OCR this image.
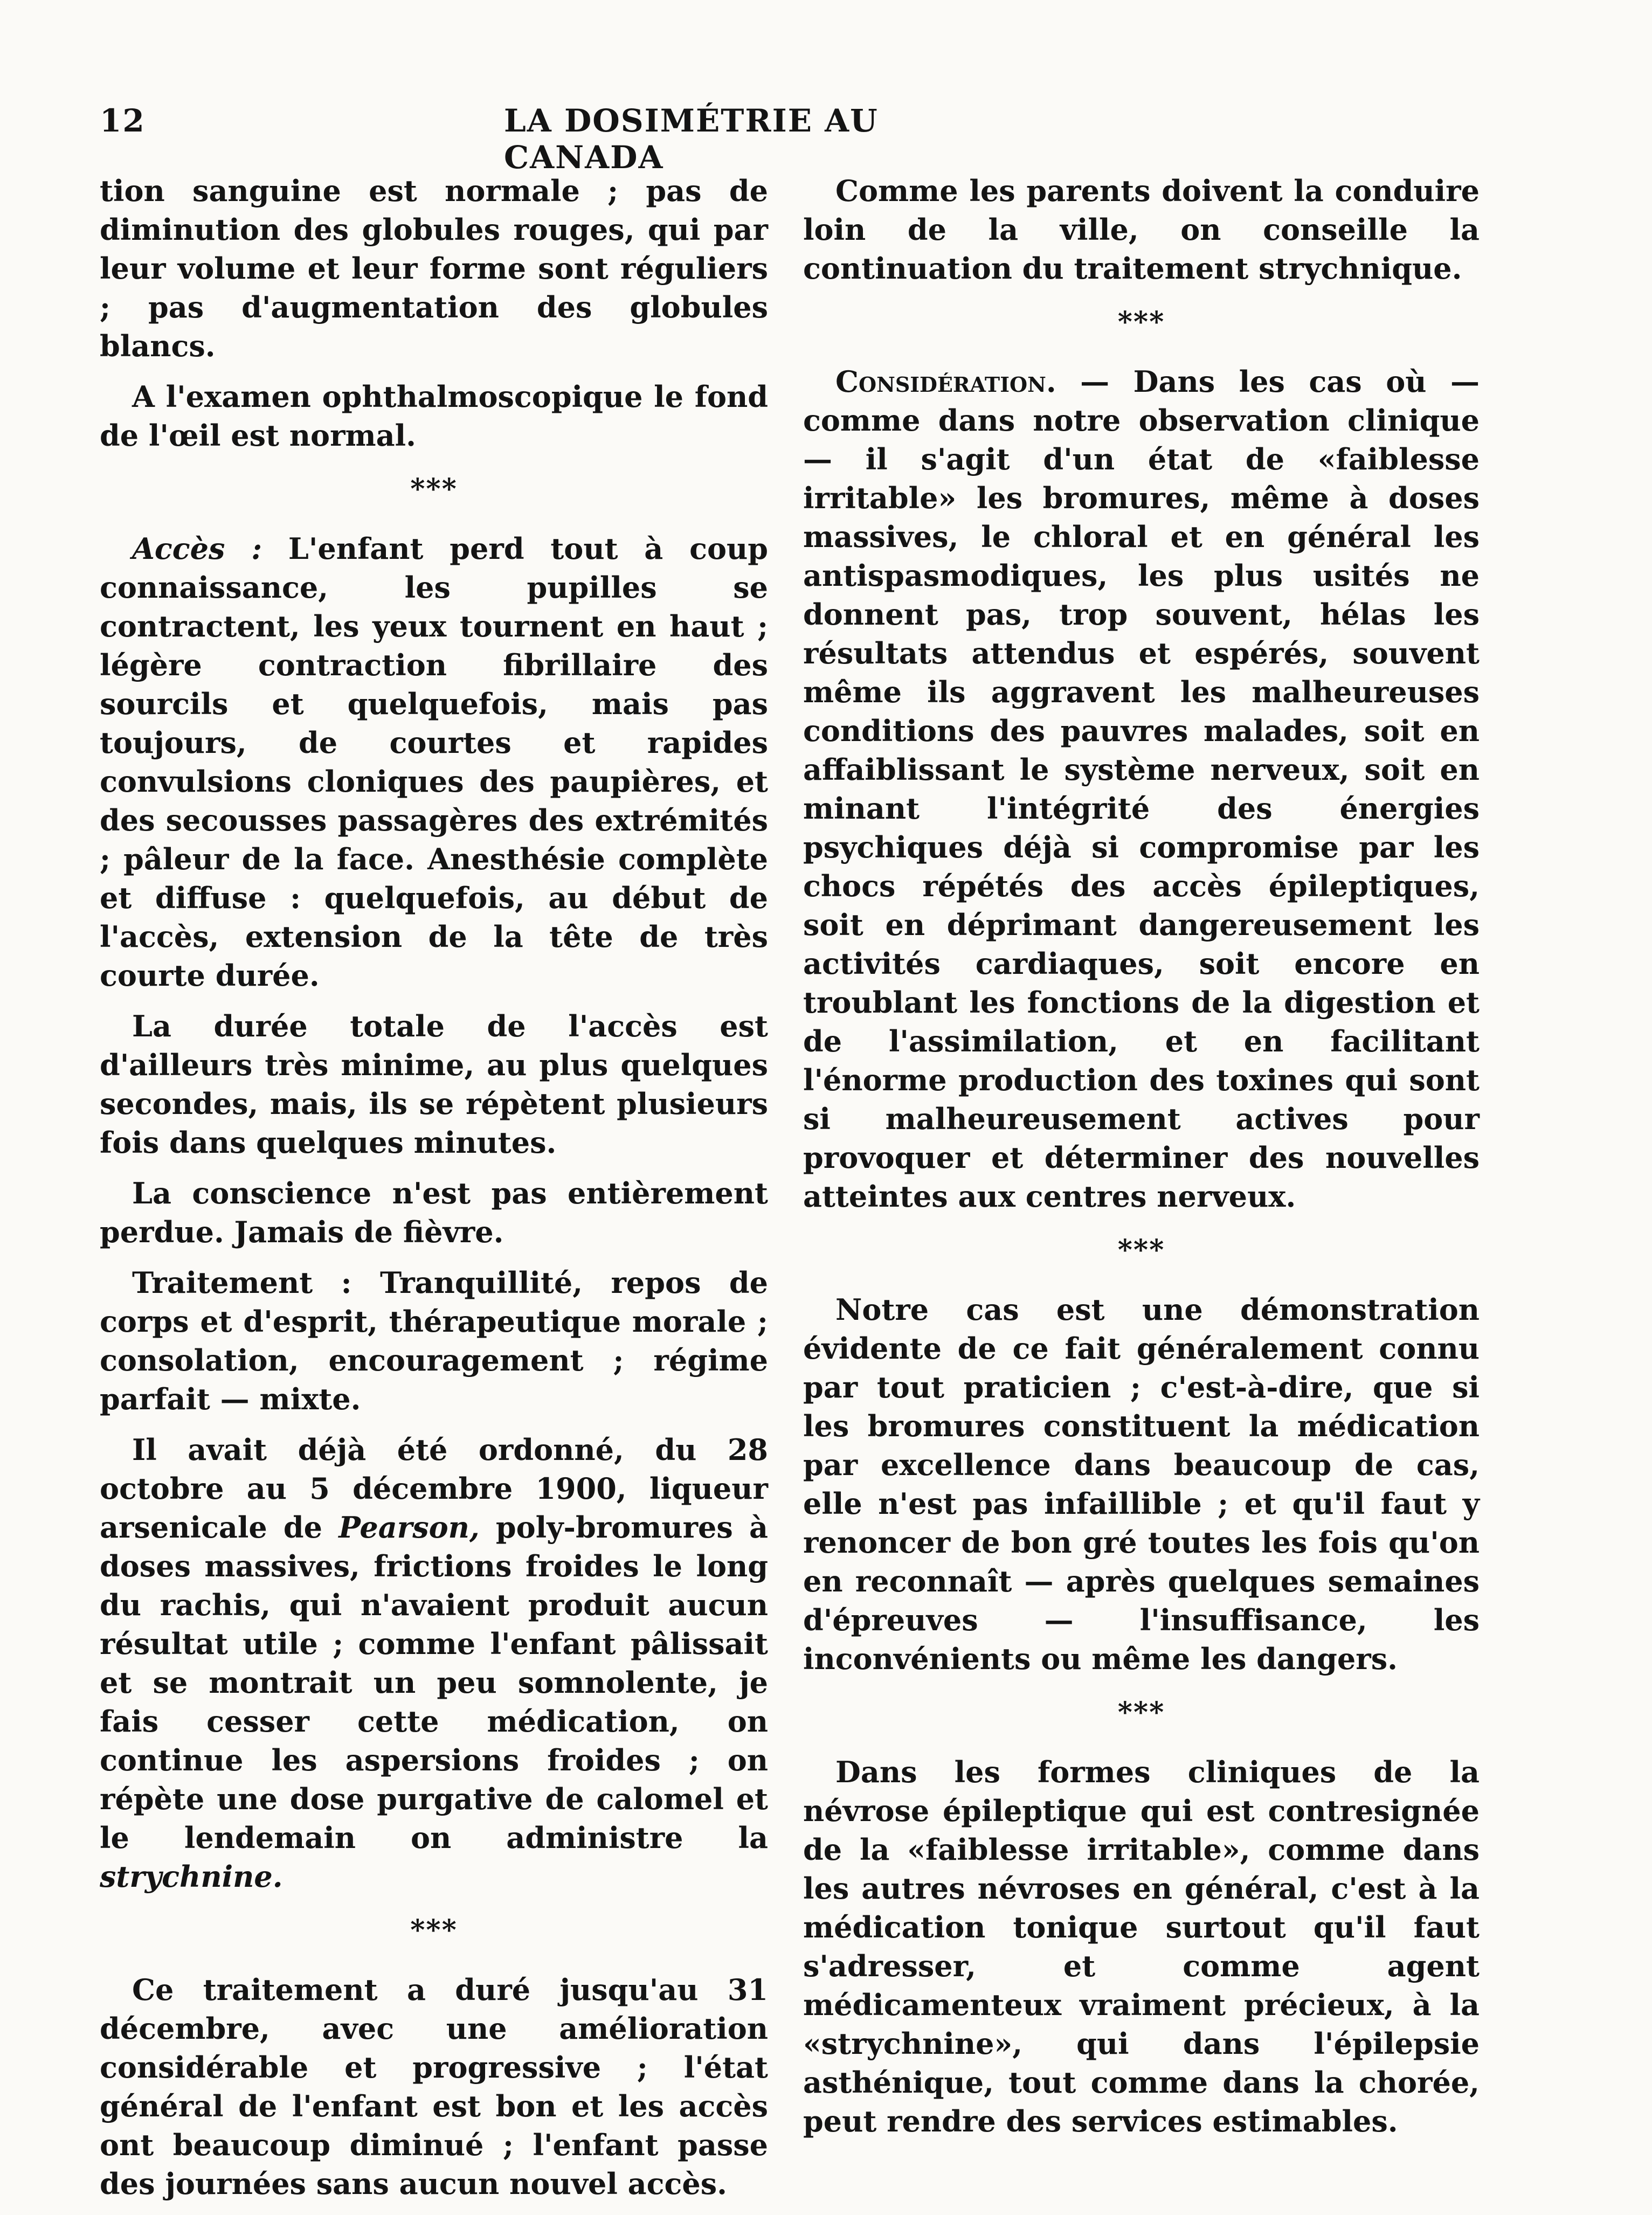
12	LA DOSIMÉTRIE AU CANADA

tion sanguine est normale ; pas de diminution des globules rouges, qui par leur volume et leur forme sont réguliers ; pas d'augmentation des globules blancs.

A l'examen ophthalmoscopique le fond de l'œil est normal.

***

Accès : L'enfant perd tout à coup connaissance, les pupilles se contractent, les yeux tournent en haut ; légère contraction fibrillaire des sourcils et quelquefois, mais pas toujours, de courtes et rapides convulsions cloniques des paupières, et des secousses passagères des extrémités ; pâleur de la face. Anesthésie complète et diffuse : quelquefois, au début de l'accès, extension de la tête de très courte durée.

La durée totale de l'accès est d'ailleurs très minime, au plus quelques secondes, mais, ils se répètent plusieurs fois dans quelques minutes.

La conscience n'est pas entièrement perdue. Jamais de fièvre.

Traitement : Tranquillité, repos de corps et d'esprit, thérapeutique morale ; consolation, encouragement ; régime parfait — mixte.

Il avait déjà été ordonné, du 28 octobre au 5 décembre 1900, liqueur arsenicale de Pearson, poly-bromures à doses massives, frictions froides le long du rachis, qui n'avaient produit aucun résultat utile ; comme l'enfant pâlissait et se montrait un peu somnolente, je fais cesser cette médication, on continue les aspersions froides ; on répète une dose purgative de calomel et le lendemain on administre la strychnine.

***

Ce traitement a duré jusqu'au 31 décembre, avec une amélioration considérable et progressive ; l'état général de l'enfant est bon et les accès ont beaucoup diminué ; l'enfant passe des journées sans aucun nouvel accès.

Comme les parents doivent la conduire loin de la ville, on conseille la continuation du traitement strychnique.

***

Considération. — Dans les cas où — comme dans notre observation clinique — il s'agit d'un état de «faiblesse irritable» les bromures, même à doses massives, le chloral et en général les antispasmodiques, les plus usités ne donnent pas, trop souvent, hélas les résultats attendus et espérés, souvent même ils aggravent les malheureuses conditions des pauvres malades, soit en affaiblissant le système nerveux, soit en minant l'intégrité des énergies psychiques déjà si compromise par les chocs répétés des accès épileptiques, soit en déprimant dangereusement les activités cardiaques, soit encore en troublant les fonctions de la digestion et de l'assimilation, et en facilitant l'énorme production des toxines qui sont si malheureusement actives pour provoquer et déterminer des nouvelles atteintes aux centres nerveux.

***

Notre cas est une démonstration évidente de ce fait généralement connu par tout praticien ; c'est-à-dire, que si les bromures constituent la médication par excellence dans beaucoup de cas, elle n'est pas infaillible ; et qu'il faut y renoncer de bon gré toutes les fois qu'on en reconnaît — après quelques semaines d'épreuves — l'insuffisance, les inconvénients ou même les dangers.

***

Dans les formes cliniques de la névrose épileptique qui est contresignée de la «faiblesse irritable», comme dans les autres névroses en général, c'est à la médication tonique surtout qu'il faut s'adresser, et comme agent médicamenteux vraiment précieux, à la «strychnine», qui dans l'épilepsie asthénique, tout comme dans la chorée, peut rendre des services estimables.
